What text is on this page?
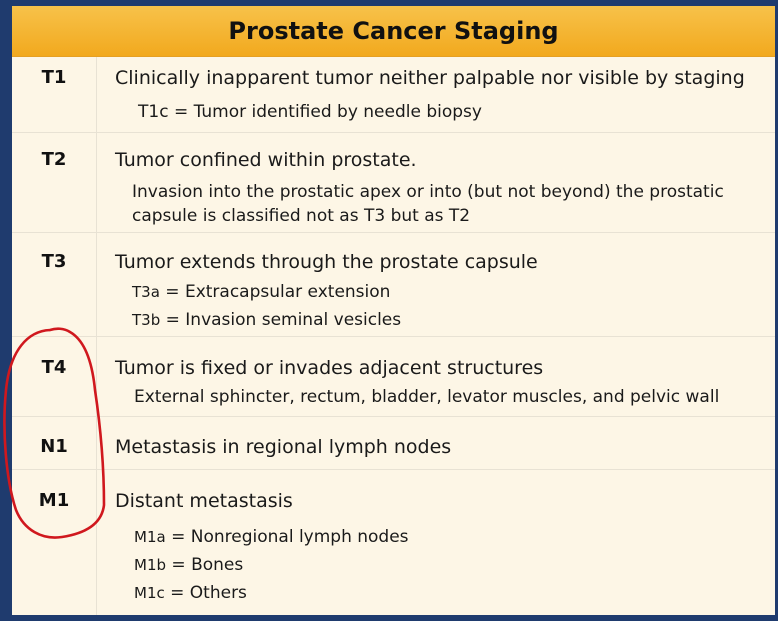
Prostate Cancer Staging
T1	Clinically inapparent tumor neither palpable nor visible by staging
T1c = Tumor identified by needle biopsy
T2	Tumor confined within prostate.
Invasion into the prostatic apex or into (but not beyond) the prostatic
capsule is classified not as T3 but as T2
T3	Tumor extends through the prostate capsule
T3a = Extracapsular extension
T3b = Invasion seminal vesicles
T4	Tumor is fixed or invades adjacent structures
External sphincter, rectum, bladder, levator muscles, and pelvic wall
N1	Metastasis in regional lymph nodes
M1	Distant metastasis
M1a = Nonregional lymph nodes
M1b = Bones
M1c = Others
